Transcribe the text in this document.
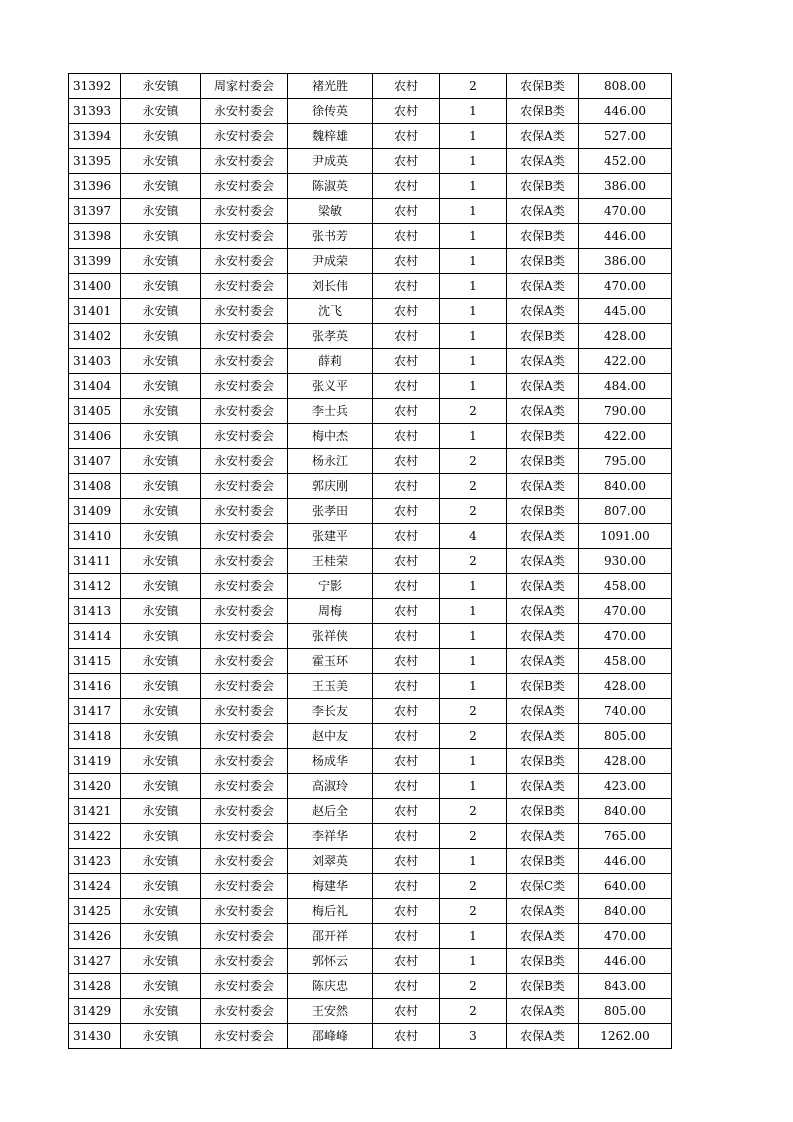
31392	永安镇	周家村委会	褚光胜	农村	2	农保B类	808.00
31393	永安镇	永安村委会	徐传英	农村	1	农保B类	446.00
31394	永安镇	永安村委会	魏梓雄	农村	1	农保A类	527.00
31395	永安镇	永安村委会	尹成英	农村	1	农保A类	452.00
31396	永安镇	永安村委会	陈淑英	农村	1	农保B类	386.00
31397	永安镇	永安村委会	梁敏	农村	1	农保A类	470.00
31398	永安镇	永安村委会	张书芳	农村	1	农保B类	446.00
31399	永安镇	永安村委会	尹成荣	农村	1	农保B类	386.00
31400	永安镇	永安村委会	刘长伟	农村	1	农保A类	470.00
31401	永安镇	永安村委会	沈飞	农村	1	农保A类	445.00
31402	永安镇	永安村委会	张孝英	农村	1	农保B类	428.00
31403	永安镇	永安村委会	薛莉	农村	1	农保A类	422.00
31404	永安镇	永安村委会	张义平	农村	1	农保A类	484.00
31405	永安镇	永安村委会	李士兵	农村	2	农保A类	790.00
31406	永安镇	永安村委会	梅中杰	农村	1	农保B类	422.00
31407	永安镇	永安村委会	杨永江	农村	2	农保B类	795.00
31408	永安镇	永安村委会	郭庆刚	农村	2	农保A类	840.00
31409	永安镇	永安村委会	张孝田	农村	2	农保B类	807.00
31410	永安镇	永安村委会	张建平	农村	4	农保A类	1091.00
31411	永安镇	永安村委会	王桂荣	农村	2	农保A类	930.00
31412	永安镇	永安村委会	宁影	农村	1	农保A类	458.00
31413	永安镇	永安村委会	周梅	农村	1	农保A类	470.00
31414	永安镇	永安村委会	张祥侠	农村	1	农保A类	470.00
31415	永安镇	永安村委会	霍玉环	农村	1	农保A类	458.00
31416	永安镇	永安村委会	王玉美	农村	1	农保B类	428.00
31417	永安镇	永安村委会	李长友	农村	2	农保A类	740.00
31418	永安镇	永安村委会	赵中友	农村	2	农保A类	805.00
31419	永安镇	永安村委会	杨成华	农村	1	农保B类	428.00
31420	永安镇	永安村委会	高淑玲	农村	1	农保A类	423.00
31421	永安镇	永安村委会	赵后全	农村	2	农保B类	840.00
31422	永安镇	永安村委会	李祥华	农村	2	农保A类	765.00
31423	永安镇	永安村委会	刘翠英	农村	1	农保B类	446.00
31424	永安镇	永安村委会	梅建华	农村	2	农保C类	640.00
31425	永安镇	永安村委会	梅后礼	农村	2	农保A类	840.00
31426	永安镇	永安村委会	邵开祥	农村	1	农保A类	470.00
31427	永安镇	永安村委会	郭怀云	农村	1	农保B类	446.00
31428	永安镇	永安村委会	陈庆忠	农村	2	农保B类	843.00
31429	永安镇	永安村委会	王安然	农村	2	农保A类	805.00
31430	永安镇	永安村委会	邵峰峰	农村	3	农保A类	1262.00
